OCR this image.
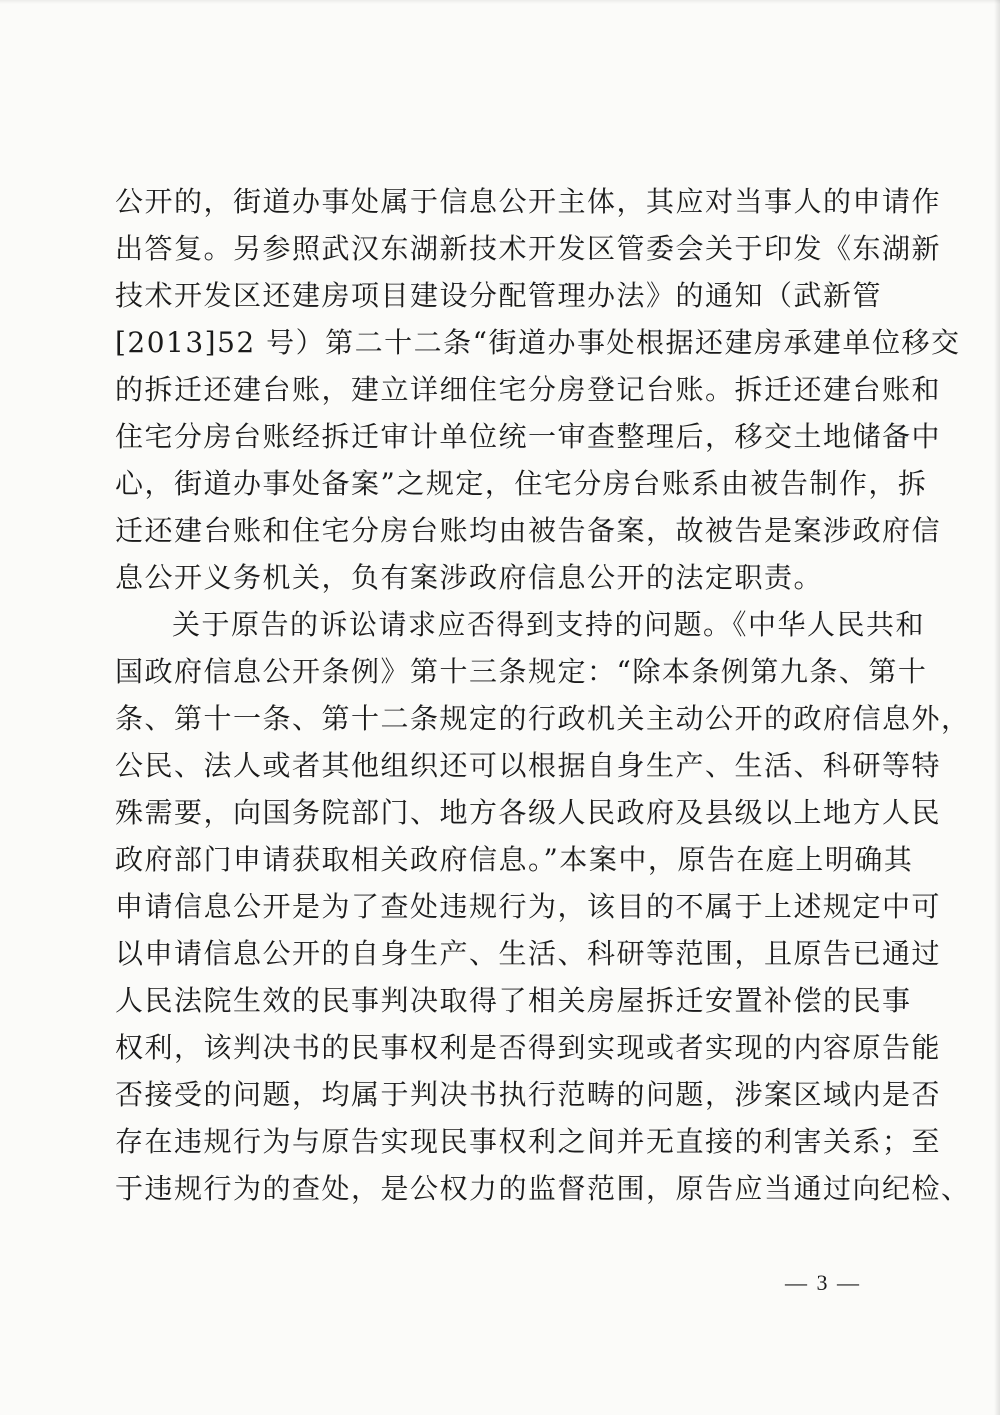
公开的，街道办事处属于信息公开主体，其应对当事人的申请作
出答复。另参照武汉东湖新技术开发区管委会关于印发《东湖新
技术开发区还建房项目建设分配管理办法》的通知（武新管
[2013]52 号）第二十二条“街道办事处根据还建房承建单位移交
的拆迁还建台账，建立详细住宅分房登记台账。拆迁还建台账和
住宅分房台账经拆迁审计单位统一审查整理后，移交土地储备中
心，街道办事处备案”之规定，住宅分房台账系由被告制作，拆
迁还建台账和住宅分房台账均由被告备案，故被告是案涉政府信
息公开义务机关，负有案涉政府信息公开的法定职责。
关于原告的诉讼请求应否得到支持的问题。《中华人民共和
国政府信息公开条例》第十三条规定：“除本条例第九条、第十
条、第十一条、第十二条规定的行政机关主动公开的政府信息外，
公民、法人或者其他组织还可以根据自身生产、生活、科研等特
殊需要，向国务院部门、地方各级人民政府及县级以上地方人民
政府部门申请获取相关政府信息。”本案中，原告在庭上明确其
申请信息公开是为了查处违规行为，该目的不属于上述规定中可
以申请信息公开的自身生产、生活、科研等范围，且原告已通过
人民法院生效的民事判决取得了相关房屋拆迁安置补偿的民事
权利，该判决书的民事权利是否得到实现或者实现的内容原告能
否接受的问题，均属于判决书执行范畴的问题，涉案区域内是否
存在违规行为与原告实现民事权利之间并无直接的利害关系；至
于违规行为的查处，是公权力的监督范围，原告应当通过向纪检、
— 3 —
